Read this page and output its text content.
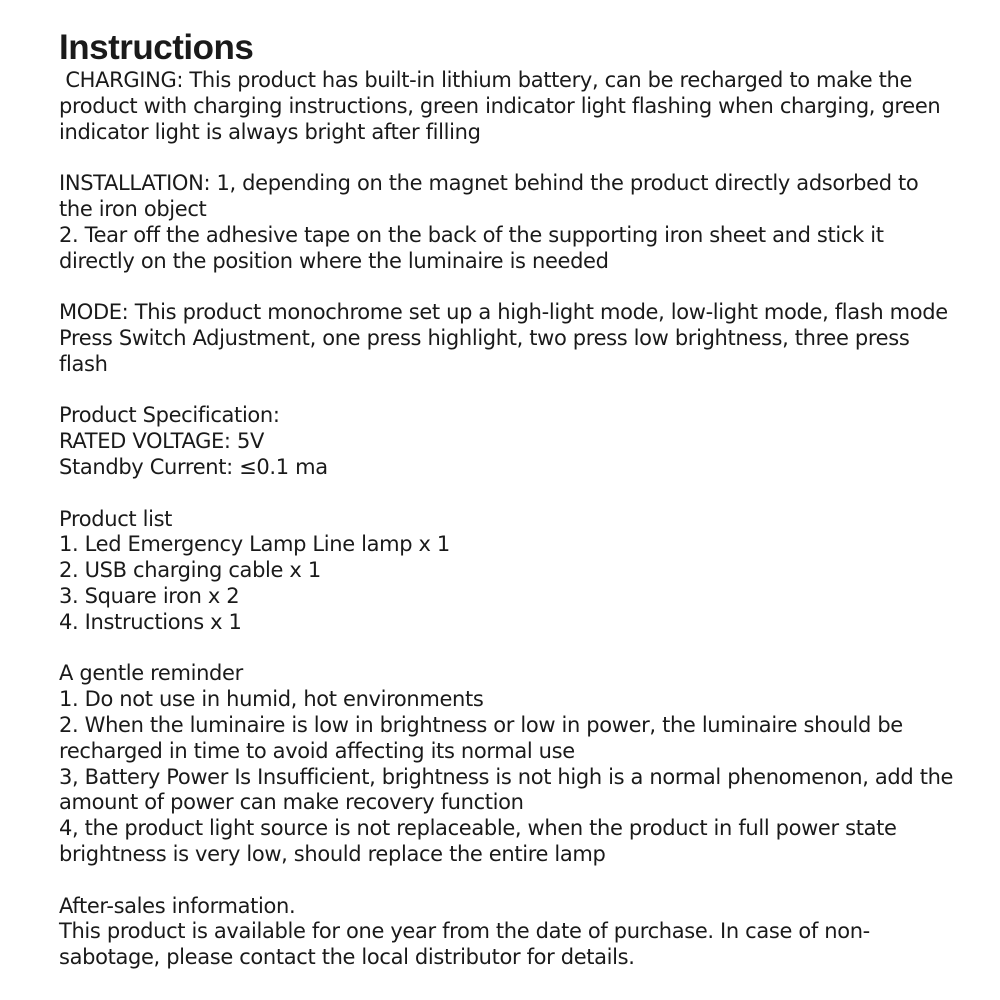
Instructions
CHARGING: This product has built-in lithium battery, can be recharged to make the
product with charging instructions, green indicator light flashing when charging, green
indicator light is always bright after filling
INSTALLATION: 1, depending on the magnet behind the product directly adsorbed to
the iron object
2. Tear off the adhesive tape on the back of the supporting iron sheet and stick it
directly on the position where the luminaire is needed
MODE: This product monochrome set up a high-light mode, low-light mode, flash mode
Press Switch Adjustment, one press highlight, two press low brightness, three press
flash
Product Specification:
RATED VOLTAGE: 5V
Standby Current: ≤0.1 ma
Product list
1. Led Emergency Lamp Line lamp x 1
2. USB charging cable x 1
3. Square iron x 2
4. Instructions x 1
A gentle reminder
1. Do not use in humid, hot environments
2. When the luminaire is low in brightness or low in power, the luminaire should be
recharged in time to avoid affecting its normal use
3, Battery Power Is Insufficient, brightness is not high is a normal phenomenon, add the
amount of power can make recovery function
4, the product light source is not replaceable, when the product in full power state
brightness is very low, should replace the entire lamp
After-sales information.
This product is available for one year from the date of purchase. In case of non-
sabotage, please contact the local distributor for details.
